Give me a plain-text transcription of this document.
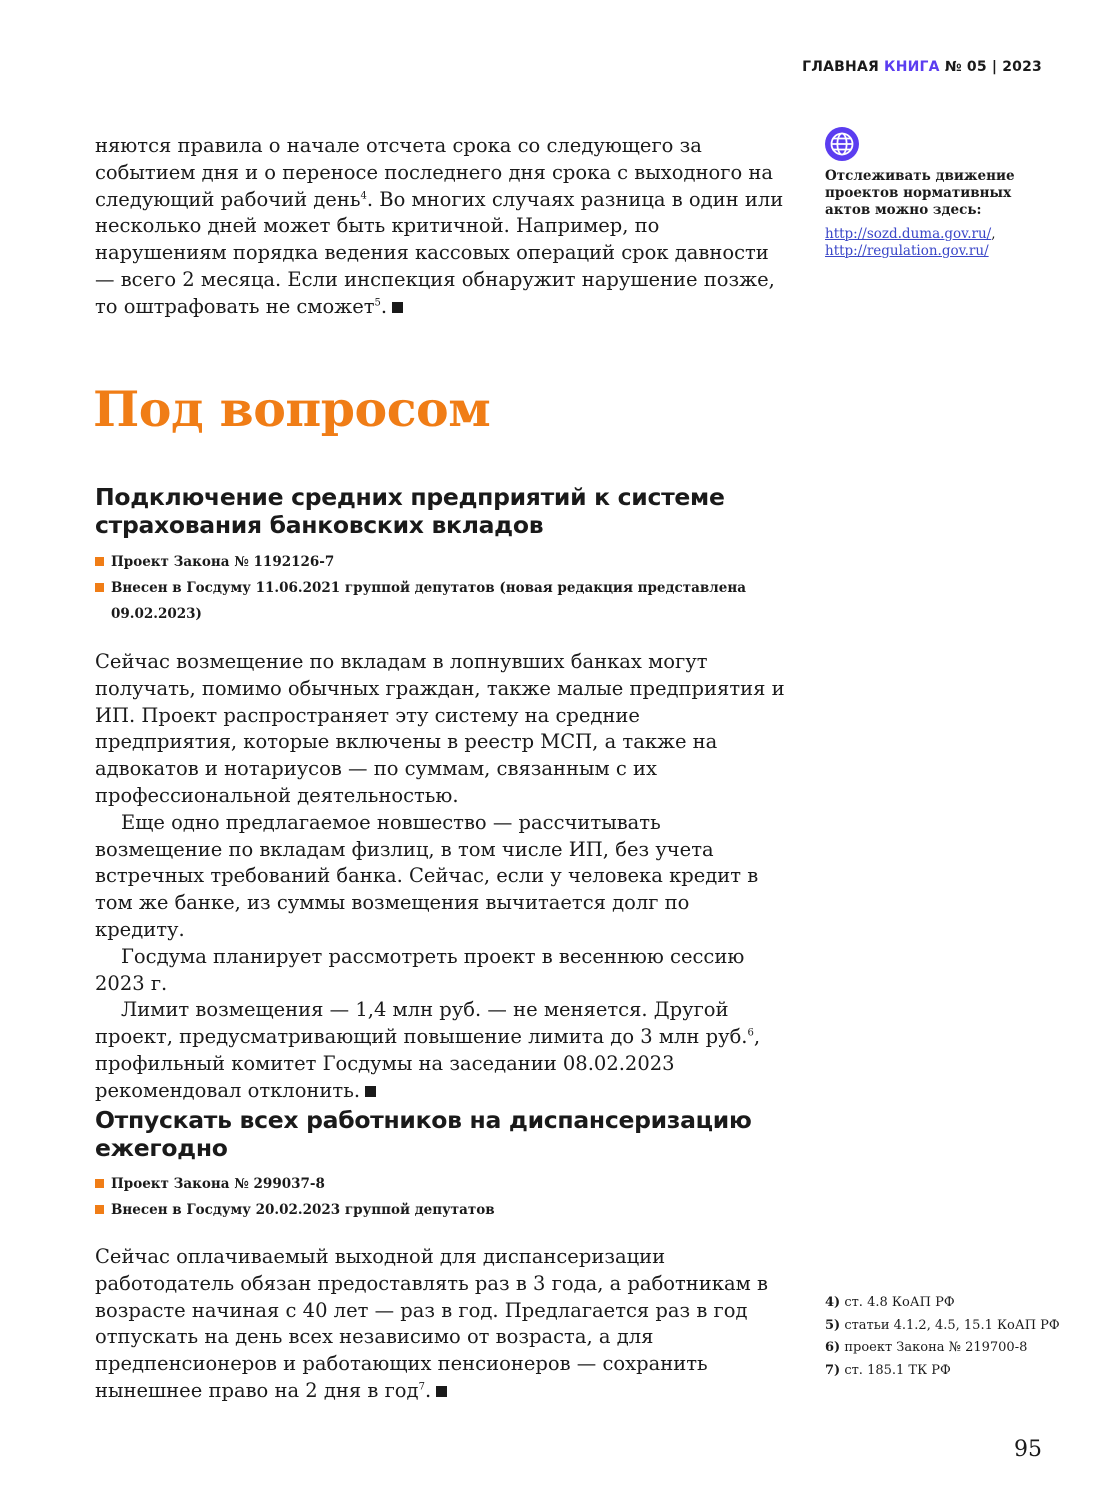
ГЛАВНАЯ КНИГА № 05 | 2023

няются правила о начале отсчета срока со следующего за событием дня и о переносе последнего дня срока с выходного на следующий рабочий день$^4$. Во многих случаях разница в один или несколько дней может быть критичной. Например, по нарушениям порядка ведения кассовых операций срок давности — всего 2 месяца. Если инспекция обнаружит нарушение позже, то оштрафовать не сможет$^5$.

Отслеживать движение проектов нормативных актов можно здесь:

http://sozd.duma.gov.ru/,
http://regulation.gov.ru/
Под вопросом
Подключение средних предприятий к системе страхования банковских вкладов
Проект Закона № 1192126-7
Внесен в Госдуму 11.06.2021 группой депутатов (новая редакция представлена 09.02.2023)

Сейчас возмещение по вкладам в лопнувших банках могут получать, помимо обычных граждан, также малые предприятия и ИП. Проект распространяет эту систему на средние предприятия, которые включены в реестр МСП, а также на адвокатов и нотариусов — по суммам, связанным с их профессиональной деятельностью.

Еще одно предлагаемое новшество — рассчитывать возмещение по вкладам физлиц, в том числе ИП, без учета встречных требований банка. Сейчас, если у человека кредит в том же банке, из суммы возмещения вычитается долг по кредиту.

Госдума планирует рассмотреть проект в весеннюю сессию 2023 г.

Лимит возмещения — 1,4 млн руб. — не меняется. Другой проект, предусматривающий повышение лимита до 3 млн руб.$^6$, профильный комитет Госдумы на заседании 08.02.2023 рекомендовал отклонить.

Отпускать всех работников на диспансеризацию ежегодно
Проект Закона № 299037-8
Внесен в Госдуму 20.02.2023 группой депутатов

Сейчас оплачиваемый выходной для диспансеризации работодатель обязан предоставлять раз в 3 года, а работникам в возрасте начиная с 40 лет — раз в год. Предлагается раз в год отпускать на день всех независимо от возраста, а для предпенсионеров и работающих пенсионеров — сохранить нынешнее право на 2 дня в год$^7$.

4) ст. 4.8 КоАП РФ
5) статьи 4.1.2, 4.5, 15.1 КоАП РФ
6) проект Закона № 219700-8
7) ст. 185.1 ТК РФ
95
